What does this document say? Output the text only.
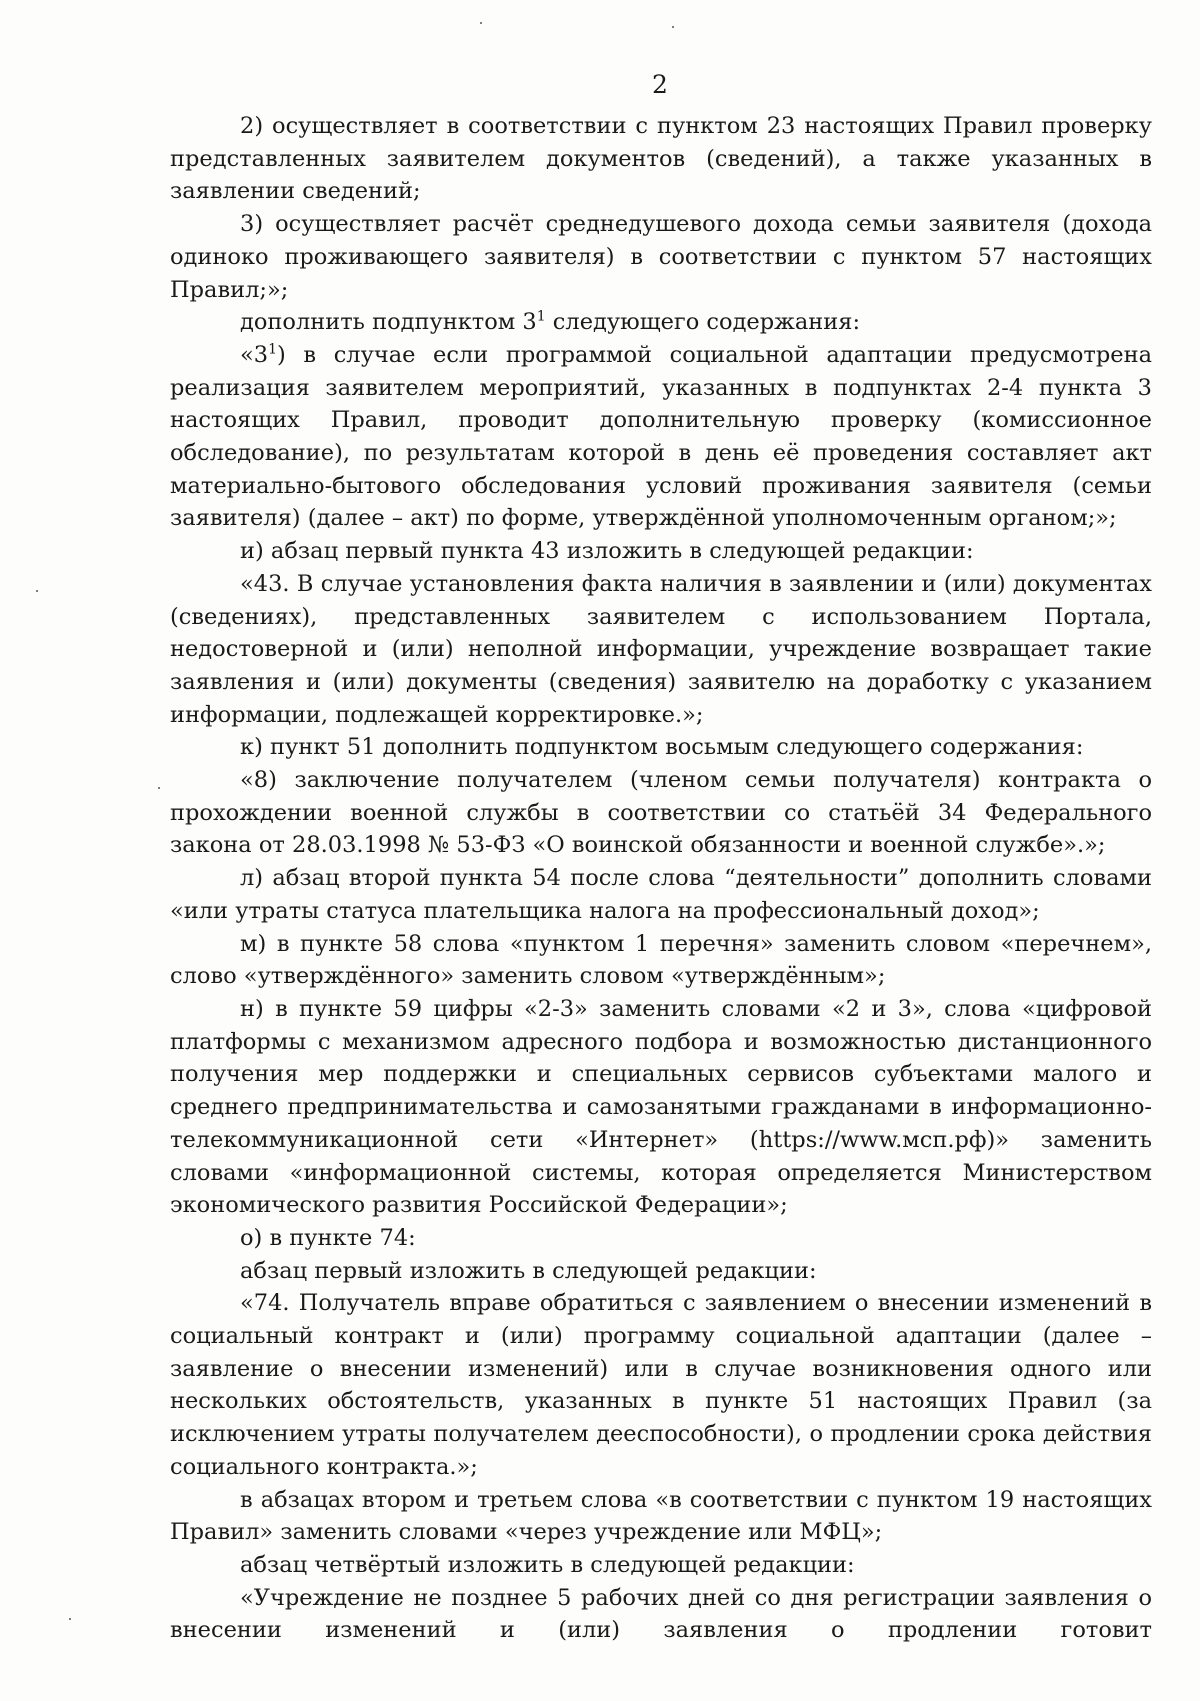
2

2) осуществляет в соответствии с пунктом 23 настоящих Правил проверку представленных заявителем документов (сведений), а также указанных в заявлении сведений;

3) осуществляет расчёт среднедушевого дохода семьи заявителя (дохода одиноко проживающего заявителя) в соответствии с пунктом 57 настоящих Правил;»;

дополнить подпунктом $3^1$ следующего содержания:

«$3^1$) в случае если программой социальной адаптации предусмотрена реализация заявителем мероприятий, указанных в подпунктах 2-4 пункта 3 настоящих Правил, проводит дополнительную проверку (комиссионное обследование), по результатам которой в день её проведения составляет акт материально-бытового обследования условий проживания заявителя (семьи заявителя) (далее – акт) по форме, утверждённой уполномоченным органом;»;

и) абзац первый пункта 43 изложить в следующей редакции:

«43. В случае установления факта наличия в заявлении и (или) документах (сведениях), представленных заявителем с использованием Портала, недостоверной и (или) неполной информации, учреждение возвращает такие заявления и (или) документы (сведения) заявителю на доработку с указанием информации, подлежащей корректировке.»;

к) пункт 51 дополнить подпунктом восьмым следующего содержания:

«8) заключение получателем (членом семьи получателя) контракта о прохождении военной службы в соответствии со статьёй 34 Федерального закона от 28.03.1998 № 53-ФЗ «О воинской обязанности и военной службе».»;

л) абзац второй пункта 54 после слова “деятельности” дополнить словами «или утраты статуса плательщика налога на профессиональный доход»;

м) в пункте 58 слова «пунктом 1 перечня» заменить словом «перечнем», слово «утверждённого» заменить словом «утверждённым»;

н) в пункте 59 цифры «2-3» заменить словами «2 и 3», слова «цифровой платформы с механизмом адресного подбора и возможностью дистанционного получения мер поддержки и специальных сервисов субъектами малого и среднего предпринимательства и самозанятыми гражданами в информационно-телекоммуникационной сети «Интернет» (https://www.мсп.рф)» заменить словами «информационной системы, которая определяется Министерством экономического развития Российской Федерации»;

о) в пункте 74:

абзац первый изложить в следующей редакции:

«74. Получатель вправе обратиться с заявлением о внесении изменений в социальный контракт и (или) программу социальной адаптации (далее – заявление о внесении изменений) или в случае возникновения одного или нескольких обстоятельств, указанных в пункте 51 настоящих Правил (за исключением утраты получателем дееспособности), о продлении срока действия социального контракта.»;

в абзацах втором и третьем слова «в соответствии с пунктом 19 настоящих Правил» заменить словами «через учреждение или МФЦ»;

абзац четвёртый изложить в следующей редакции:

«Учреждение не позднее 5 рабочих дней со дня регистрации заявления о внесении изменений и (или) заявления о продлении готовит
